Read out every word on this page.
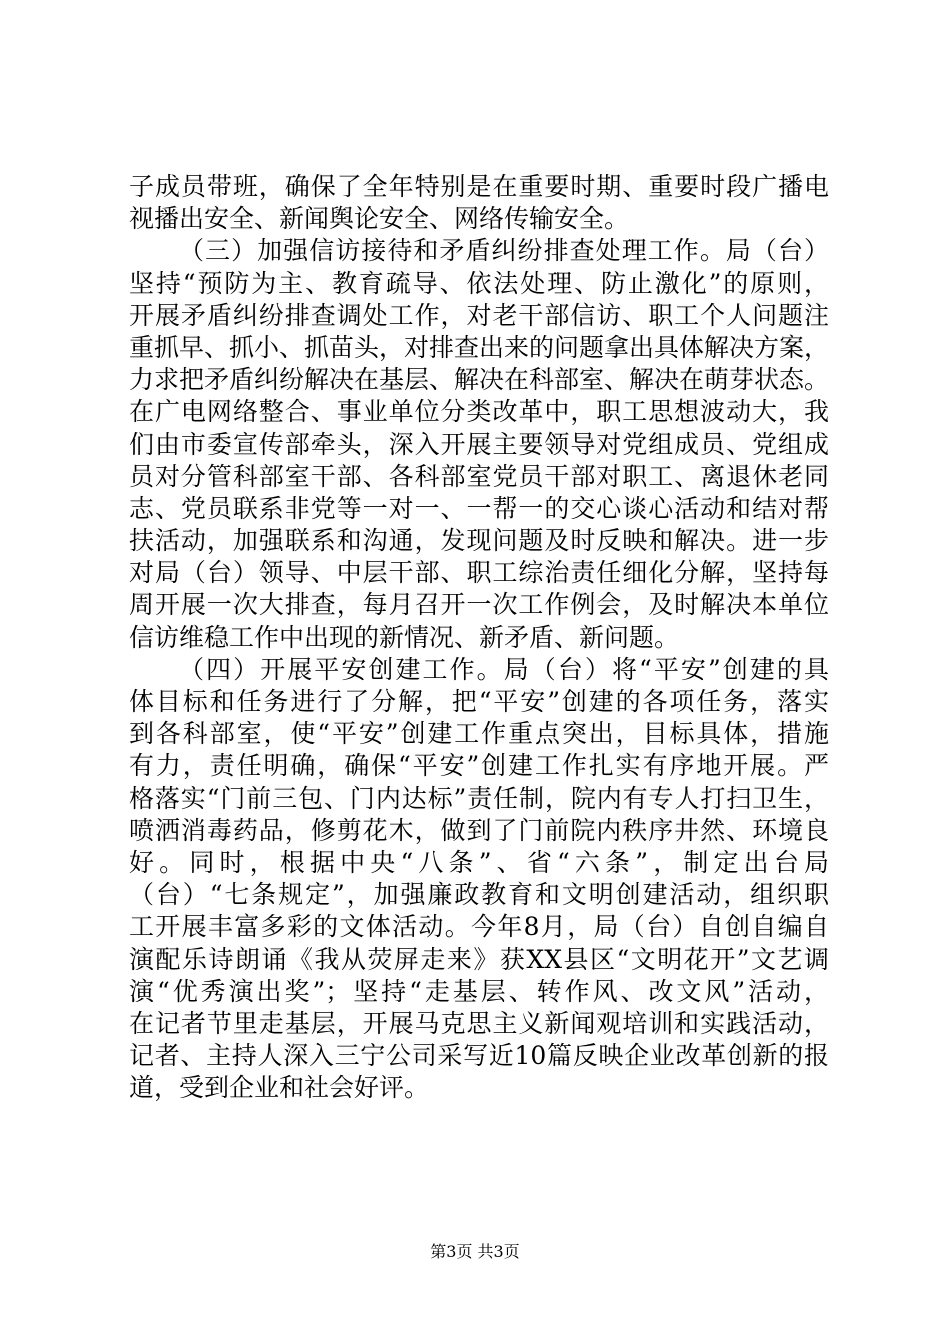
子成员带班，确保了全年特别是在重要时期、重要时段广播电
视播出安全、新闻舆论安全、网络传输安全。
（三）加强信访接待和矛盾纠纷排查处理工作。局（台）
坚持“预防为主、教育疏导、依法处理、防止激化”的原则，
开展矛盾纠纷排查调处工作，对老干部信访、职工个人问题注
重抓早、抓小、抓苗头，对排查出来的问题拿出具体解决方案，
力求把矛盾纠纷解决在基层、解决在科部室、解决在萌芽状态。
在广电网络整合、事业单位分类改革中，职工思想波动大，我
们由市委宣传部牵头，深入开展主要领导对党组成员、党组成
员对分管科部室干部、各科部室党员干部对职工、离退休老同
志、党员联系非党等一对一、一帮一的交心谈心活动和结对帮
扶活动，加强联系和沟通，发现问题及时反映和解决。进一步
对局（台）领导、中层干部、职工综治责任细化分解，坚持每
周开展一次大排查，每月召开一次工作例会，及时解决本单位
信访维稳工作中出现的新情况、新矛盾、新问题。
（四）开展平安创建工作。局（台）将“平安”创建的具
体目标和任务进行了分解，把“平安”创建的各项任务，落实
到各科部室，使“平安”创建工作重点突出，目标具体，措施
有力，责任明确，确保“平安”创建工作扎实有序地开展。严
格落实“门前三包、门内达标”责任制，院内有专人打扫卫生，
喷洒消毒药品，修剪花木，做到了门前院内秩序井然、环境良
好。同时，根据中央“八条”、省“六条”，制定出台局
（台）“七条规定”，加强廉政教育和文明创建活动，组织职
工开展丰富多彩的文体活动。今年8月，局（台）自创自编自
演配乐诗朗诵《我从荧屏走来》获XX县区“文明花开”文艺调
演“优秀演出奖”；坚持“走基层、转作风、改文风”活动，
在记者节里走基层，开展马克思主义新闻观培训和实践活动，
记者、主持人深入三宁公司采写近10篇反映企业改革创新的报
道，受到企业和社会好评。
第3页 共3页
